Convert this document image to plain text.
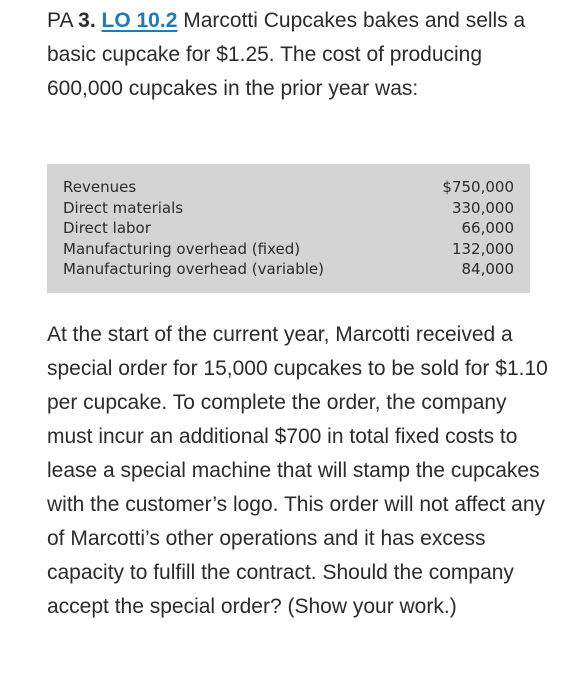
PA 3. LO 10.2 Marcotti Cupcakes bakes and sells a basic cupcake for $1.25. The cost of producing 600,000 cupcakes in the prior year was:

Revenues	$750,000
Direct materials	330,000
Direct labor	66,000
Manufacturing overhead (fixed)	132,000
Manufacturing overhead (variable)	84,000

At the start of the current year, Marcotti received a special order for 15,000 cupcakes to be sold for $1.10 per cupcake. To complete the order, the company must incur an additional $700 in total fixed costs to lease a special machine that will stamp the cupcakes with the customer’s logo. This order will not affect any of Marcotti’s other operations and it has excess capacity to fulfill the contract. Should the company accept the special order? (Show your work.)
